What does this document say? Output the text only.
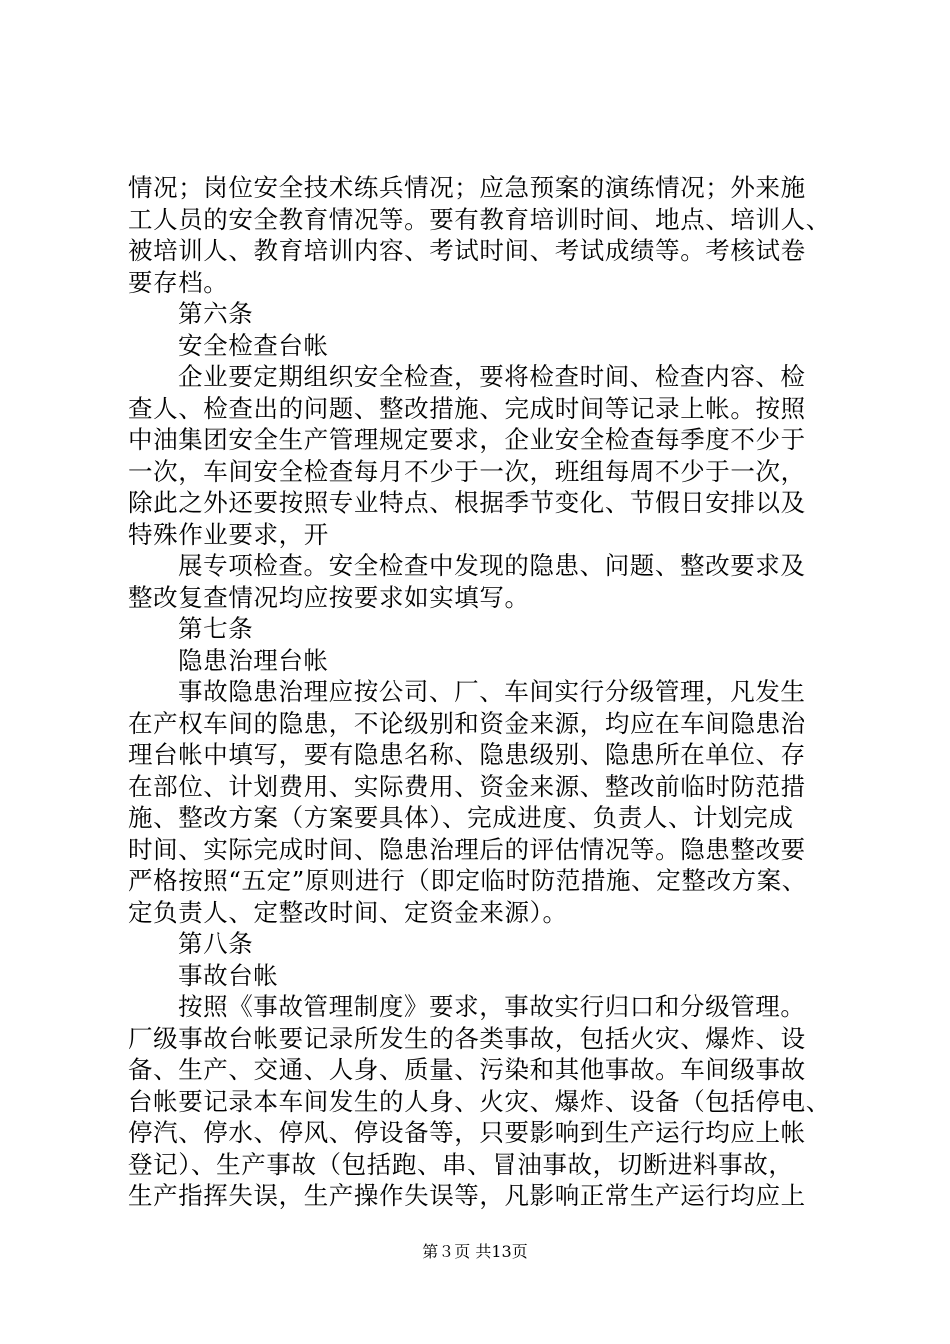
情况；岗位安全技术练兵情况；应急预案的演练情况；外来施
工人员的安全教育情况等。要有教育培训时间、地点、培训人、
被培训人、教育培训内容、考试时间、考试成绩等。考核试卷
要存档。
第六条
安全检查台帐
企业要定期组织安全检查，要将检查时间、检查内容、检
查人、检查出的问题、整改措施、完成时间等记录上帐。按照
中油集团安全生产管理规定要求，企业安全检查每季度不少于
一次，车间安全检查每月不少于一次，班组每周不少于一次，
除此之外还要按照专业特点、根据季节变化、节假日安排以及
特殊作业要求，开
展专项检查。安全检查中发现的隐患、问题、整改要求及
整改复查情况均应按要求如实填写。
第七条
隐患治理台帐
事故隐患治理应按公司、厂、车间实行分级管理，凡发生
在产权车间的隐患，不论级别和资金来源，均应在车间隐患治
理台帐中填写，要有隐患名称、隐患级别、隐患所在单位、存
在部位、计划费用、实际费用、资金来源、整改前临时防范措
施、整改方案（方案要具体）、完成进度、负责人、计划完成
时间、实际完成时间、隐患治理后的评估情况等。隐患整改要
严格按照“五定”原则进行（即定临时防范措施、定整改方案、
定负责人、定整改时间、定资金来源）。
第八条
事故台帐
按照《事故管理制度》要求，事故实行归口和分级管理。
厂级事故台帐要记录所发生的各类事故，包括火灾、爆炸、设
备、生产、交通、人身、质量、污染和其他事故。车间级事故
台帐要记录本车间发生的人身、火灾、爆炸、设备（包括停电、
停汽、停水、停风、停设备等，只要影响到生产运行均应上帐
登记）、生产事故（包括跑、串、冒油事故，切断进料事故，
生产指挥失误，生产操作失误等，凡影响正常生产运行均应上
第３页 共13页
